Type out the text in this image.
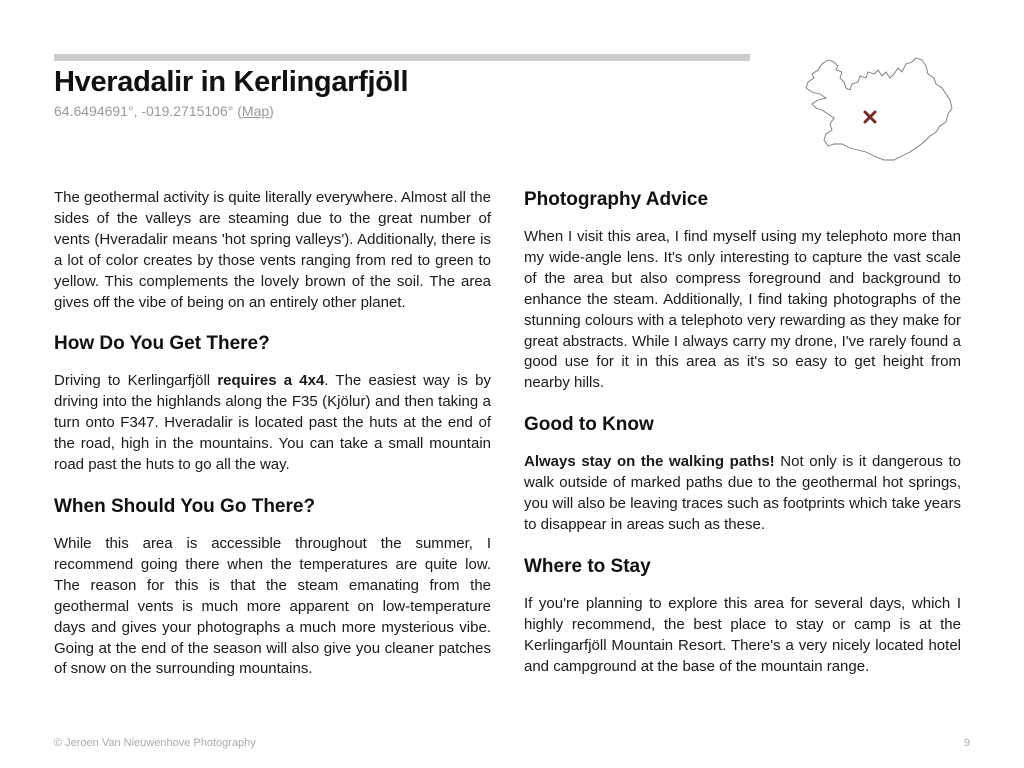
Hveradalir in Kerlingarfjöll
64.6494691°, -019.2715106° (Map)

The geothermal activity is quite literally everywhere. Almost all the sides of the valleys are steaming due to the great number of vents (Hveradalir means 'hot spring valleys'). Additionally, there is a lot of color creates by those vents ranging from red to green to yellow. This complements the lovely brown of the soil. The area gives off the vibe of being on an entirely other planet.

How Do You Get There?

Driving to Kerlingarfjöll requires a 4x4. The easiest way is by driving into the highlands along the F35 (Kjölur) and then taking a turn onto F347. Hveradalir is located past the huts at the end of the road, high in the mountains. You can take a small mountain road past the huts to go all the way.

When Should You Go There?

While this area is accessible throughout the summer, I recommend going there when the temperatures are quite low. The reason for this is that the steam emanating from the geothermal vents is much more apparent on low-temperature days and gives your photographs a much more mysterious vibe. Going at the end of the season will also give you cleaner patches of snow on the surrounding mountains.

Photography Advice

When I visit this area, I find myself using my telephoto more than my wide-angle lens. It's only interesting to capture the vast scale of the area but also compress foreground and background to enhance the steam. Additionally, I find taking photographs of the stunning colours with a telephoto very rewarding as they make for great abstracts. While I always carry my drone, I've rarely found a good use for it in this area as it's so easy to get height from nearby hills.

Good to Know

Always stay on the walking paths! Not only is it dangerous to walk outside of marked paths due to the geothermal hot springs, you will also be leaving traces such as footprints which take years to disappear in areas such as these.

Where to Stay

If you're planning to explore this area for several days, which I highly recommend, the best place to stay or camp is at the Kerlingarfjöll Mountain Resort. There's a very nicely located hotel and campground at the base of the mountain range.

© Jeroen Van Nieuwenhove Photography	9
